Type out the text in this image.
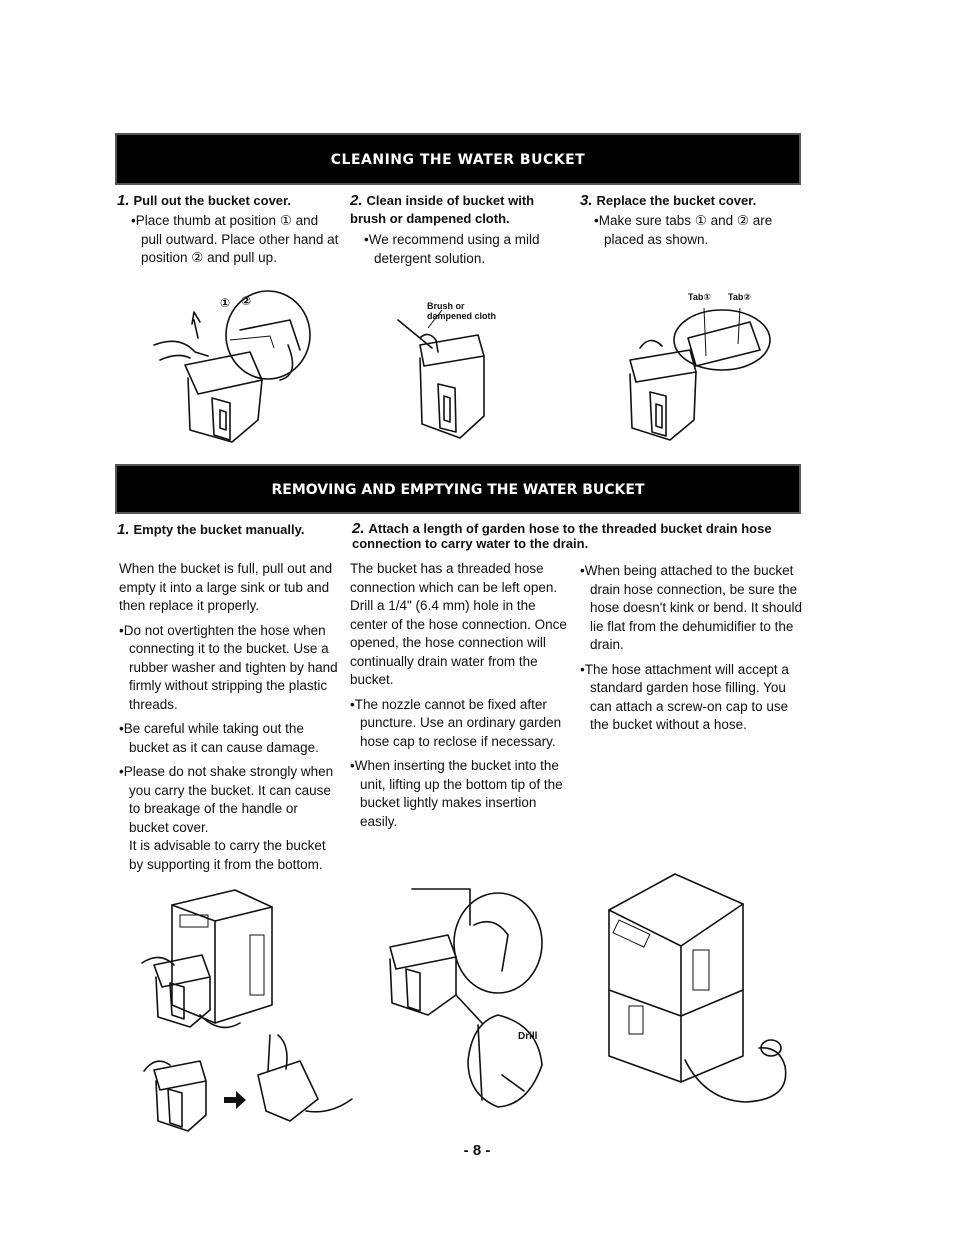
CLEANING THE WATER BUCKET
1. Pull out the bucket cover.

• Place thumb at position ① and pull outward. Place other hand at position ② and pull up.

2. Clean inside of bucket with brush or dampened cloth.

• We recommend using a mild detergent solution.

3. Replace the bucket cover.

• Make sure tabs ① and ② are placed as shown.

① ②	Brush or dampened cloth
Tab① Tab②
REMOVING AND EMPTYING THE WATER BUCKET
1. Empty the bucket manually.

When the bucket is full, pull out and empty it into a large sink or tub and then replace it properly.

• Do not overtighten the hose when connecting it to the bucket. Use a rubber washer and tighten by hand firmly without stripping the plastic threads.

• Be careful while taking out the bucket as it can cause damage.

• Please do not shake strongly when you carry the bucket. It can cause to breakage of the handle or bucket cover.

It is advisable to carry the bucket by supporting it from the bottom.

2. Attach a length of garden hose to the threaded bucket drain hose connection to carry water to the drain.

The bucket has a threaded hose connection which can be left open. Drill a 1/4" (6.4 mm) hole in the center of the hose connection. Once opened, the hose connection will continually drain water from the bucket.

• The nozzle cannot be fixed after puncture. Use an ordinary garden hose cap to reclose if necessary.

• When inserting the bucket into the unit, lifting up the bottom tip of the bucket lightly makes insertion easily.

• When being attached to the bucket drain hose connection, be sure the hose doesn't kink or bend. It should lie flat from the dehumidifier to the drain.

• The hose attachment will accept a standard garden hose filling. You can attach a screw-on cap to use the bucket without a hose.

Drill
- 8 -
